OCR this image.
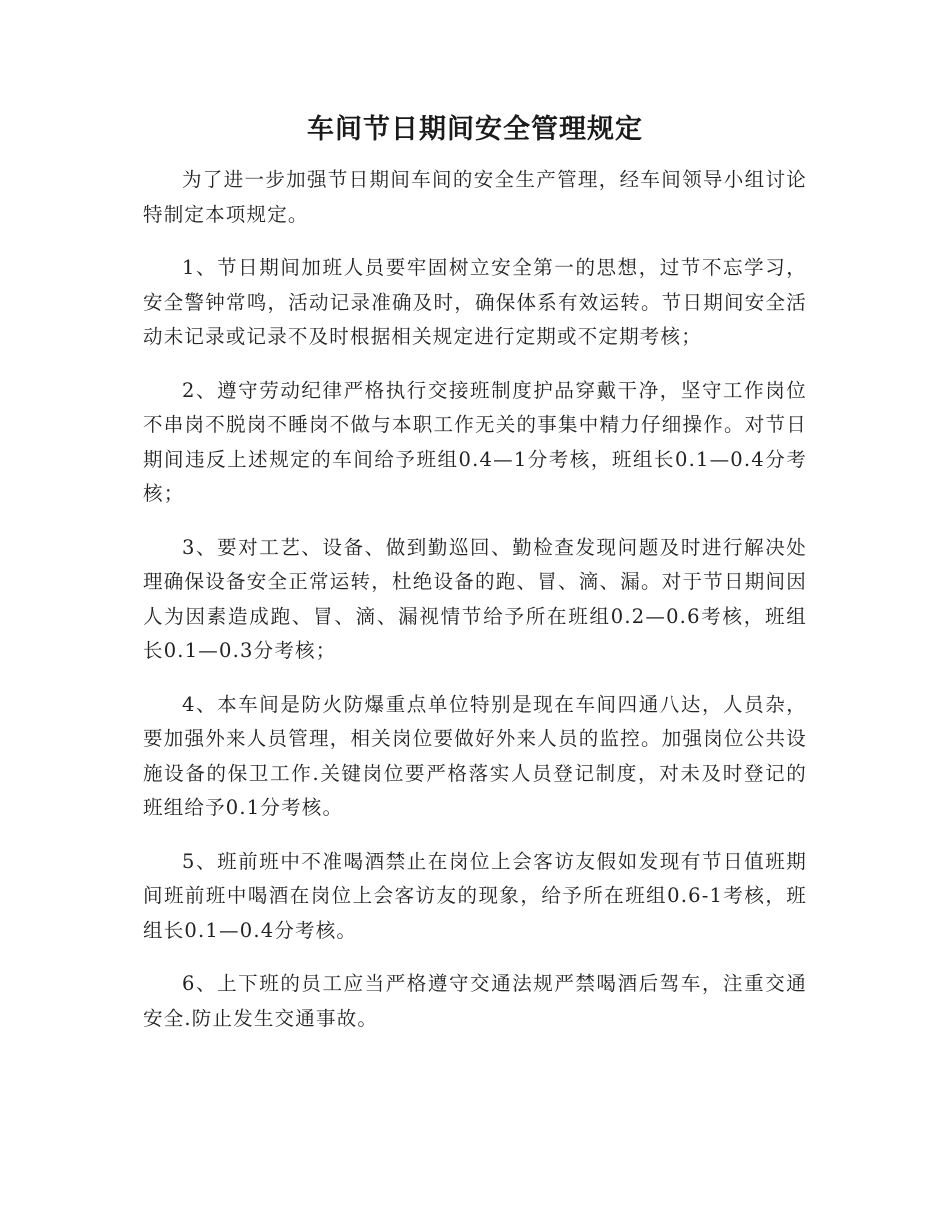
车间节日期间安全管理规定

为了进一步加强节日期间车间的安全生产管理，经车间领导小组讨论特制定本项规定。

1、节日期间加班人员要牢固树立安全第一的思想，过节不忘学习，安全警钟常鸣，活动记录准确及时，确保体系有效运转。节日期间安全活动未记录或记录不及时根据相关规定进行定期或不定期考核；

2、遵守劳动纪律严格执行交接班制度护品穿戴干净，坚守工作岗位不串岗不脱岗不睡岗不做与本职工作无关的事集中精力仔细操作。对节日期间违反上述规定的车间给予班组0.4—1分考核，班组长0.1—0.4分考核；

3、要对工艺、设备、做到勤巡回、勤检查发现问题及时进行解决处理确保设备安全正常运转，杜绝设备的跑、冒、滴、漏。对于节日期间因人为因素造成跑、冒、滴、漏视情节给予所在班组0.2—0.6考核，班组长0.1—0.3分考核；

4、本车间是防火防爆重点单位特别是现在车间四通八达，人员杂，要加强外来人员管理，相关岗位要做好外来人员的监控。加强岗位公共设施设备的保卫工作.关键岗位要严格落实人员登记制度，对未及时登记的班组给予0.1分考核。

5、班前班中不准喝酒禁止在岗位上会客访友假如发现有节日值班期间班前班中喝酒在岗位上会客访友的现象，给予所在班组0.6-1考核，班组长0.1—0.4分考核。

6、上下班的员工应当严格遵守交通法规严禁喝酒后驾车，注重交通安全.防止发生交通事故。
